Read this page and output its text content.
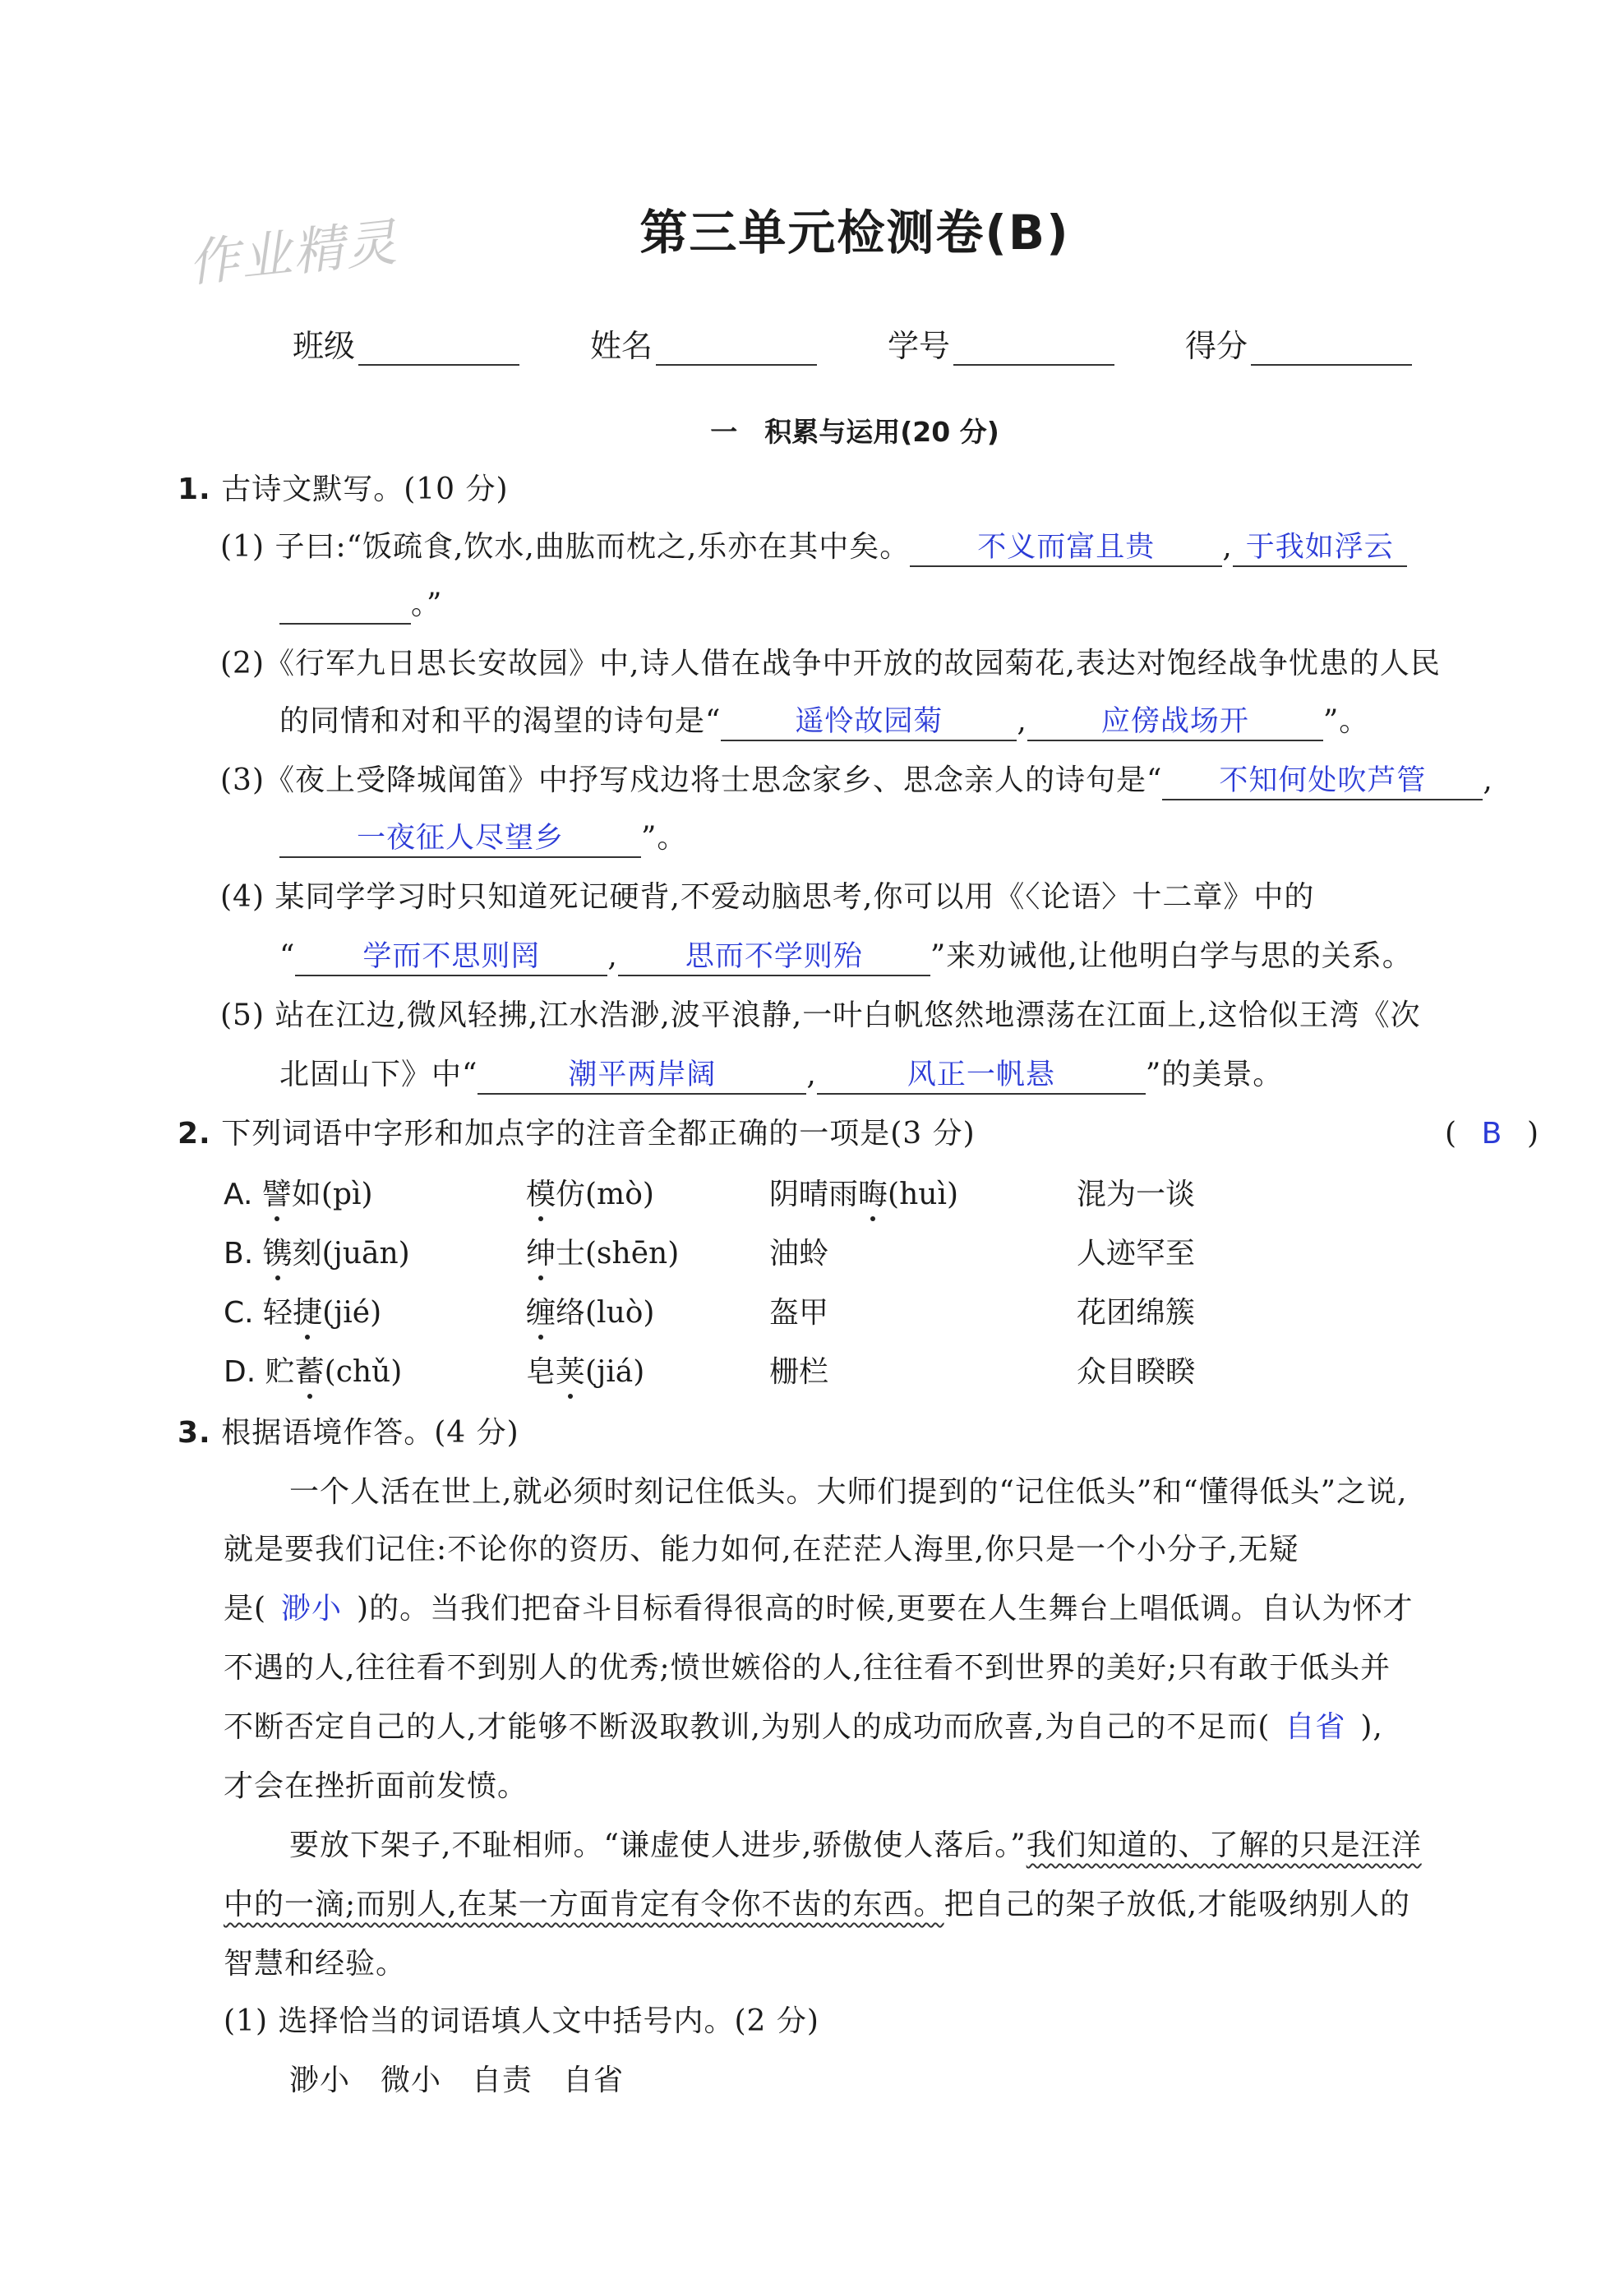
作业精灵	第三单元检测卷(B)
班级	姓名	学号	得分
一　积累与运用(20 分)
1. 古诗文默写。(10 分)
(1) 子曰:“饭疏食,饮水,曲肱而枕之,乐亦在其中矣。 不义而富且贵 , 于我如浮云
。”
(2)《行军九日思长安故园》中,诗人借在战争中开放的故园菊花,表达对饱经战争忧患的人民
的同情和对和平的渴望的诗句是“	遥怜故园菊	,	应傍战场开	”。
(3)《夜上受降城闻笛》中抒写戍边将士思念家乡、思念亲人的诗句是“ 不知何处吹芦管 ,
一夜征人尽望乡	”。
(4) 某同学学习时只知道死记硬背,不爱动脑思考,你可以用《〈论语〉十二章》中的
“ 学而不思则罔 , 思而不学则殆 ”来劝诫他,让他明白学与思的关系。
(5) 站在江边,微风轻拂,江水浩渺,波平浪静,一叶白帆悠然地漂荡在江面上,这恰似王湾《次
北固山下》中“	潮平两岸阔	,	风正一帆悬	”的美景。
2. 下列词语中字形和加点字的注音全都正确的一项是(3 分)	( B )
A. 譬如(pì)	模仿(mò)	阴晴雨晦(huì)	混为一谈
B. 镌刻(juān)	绅士(shēn)	油蛉	人迹罕至
C. 轻捷(jié)	缠络(luò)	盔甲	花团绵簇
D. 贮蓄(chǔ)	皂荚(jiá)	栅栏	众目睽睽
3. 根据语境作答。(4 分)
一个人活在世上,就必须时刻记住低头。大师们提到的“记住低头”和“懂得低头”之说,
就是要我们记住:不论你的资历、能力如何,在茫茫人海里,你只是一个小分子,无疑
是( 渺小 )的。当我们把奋斗目标看得很高的时候,更要在人生舞台上唱低调。自认为怀才
不遇的人,往往看不到别人的优秀;愤世嫉俗的人,往往看不到世界的美好;只有敢于低头并
不断否定自己的人,才能够不断汲取教训,为别人的成功而欣喜,为自己的不足而( 自省 ),
才会在挫折面前发愤。
要放下架子,不耻相师。“谦虚使人进步,骄傲使人落后。”我们知道的、了解的只是汪洋
中的一滴;而别人,在某一方面肯定有令你不齿的东西。把自己的架子放低,才能吸纳别人的
智慧和经验。
(1) 选择恰当的词语填人文中括号内。(2 分)
渺小　微小　自责　自省
